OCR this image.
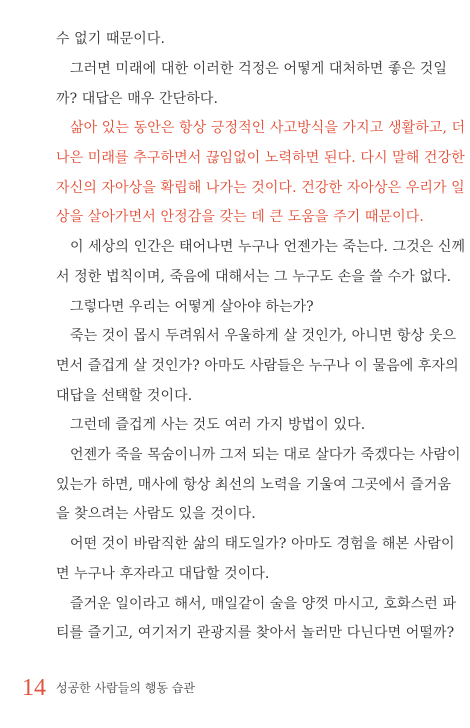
수 없기 때문이다.
그러면 미래에 대한 이러한 걱정은 어떻게 대처하면 좋은 것일
까? 대답은 매우 간단하다.
삶아 있는 동안은 항상 긍정적인 사고방식을 가지고 생활하고, 더
나은 미래를 추구하면서 끊임없이 노력하면 된다. 다시 말해 건강한
자신의 자아상을 확립해 나가는 것이다. 건강한 자아상은 우리가 일
상을 살아가면서 안정감을 갖는 데 큰 도움을 주기 때문이다.
이 세상의 인간은 태어나면 누구나 언젠가는 죽는다. 그것은 신께
서 정한 법칙이며, 죽음에 대해서는 그 누구도 손을 쓸 수가 없다.
그렇다면 우리는 어떻게 살아야 하는가?
죽는 것이 몹시 두려워서 우울하게 살 것인가, 아니면 항상 웃으
면서 즐겁게 살 것인가? 아마도 사람들은 누구나 이 물음에 후자의
대답을 선택할 것이다.
그런데 즐겁게 사는 것도 여러 가지 방법이 있다.
언젠가 죽을 목숨이니까 그저 되는 대로 살다가 죽겠다는 사람이
있는가 하면, 매사에 항상 최선의 노력을 기울여 그곳에서 즐거움
을 찾으려는 사람도 있을 것이다.
어떤 것이 바람직한 삶의 태도일가? 아마도 경험을 해본 사람이
면 누구나 후자라고 대답할 것이다.
즐거운 일이라고 해서, 매일같이 술을 양껏 마시고, 호화스런 파
티를 즐기고, 여기저기 관광지를 찾아서 놀러만 다닌다면 어떨까?
14 성공한 사람들의 행동 습관
